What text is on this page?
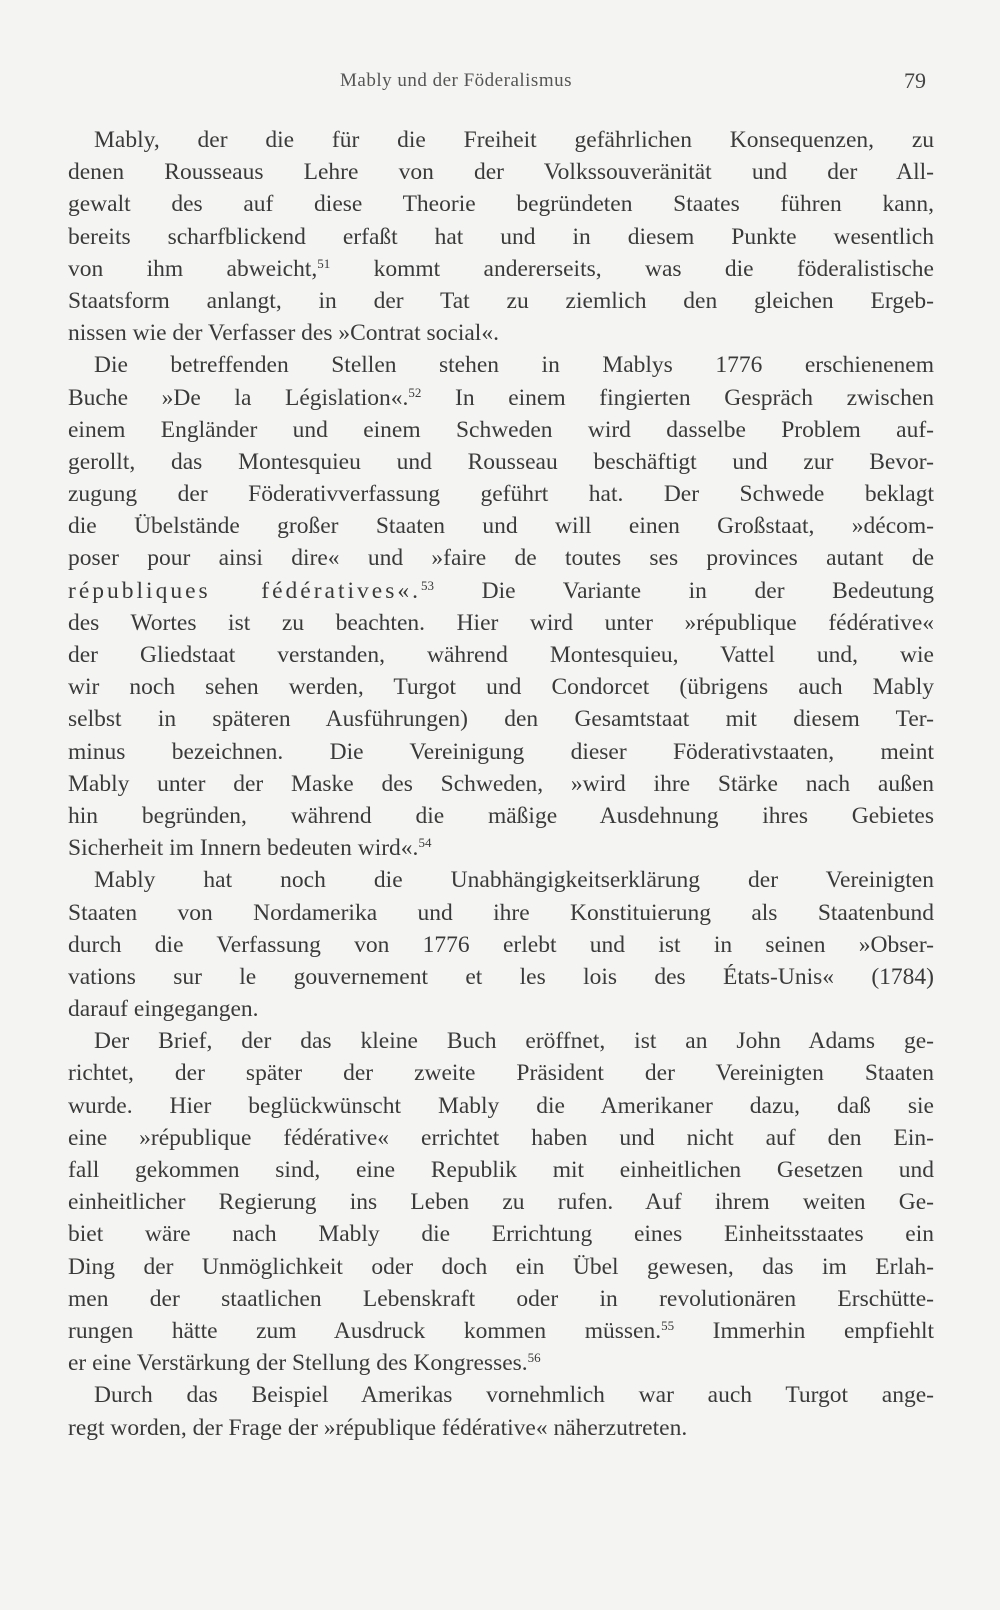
Mably und der Föderalismus	79
Mably, der die für die Freiheit gefährlichen Konsequenzen, zu
denen Rousseaus Lehre von der Volkssouveränität und der All-
gewalt des auf diese Theorie begründeten Staates führen kann,
bereits scharfblickend erfaßt hat und in diesem Punkte wesentlich
von ihm abweicht,$^{51}$ kommt andererseits, was die föderalistische
Staatsform anlangt, in der Tat zu ziemlich den gleichen Ergeb-
nissen wie der Verfasser des »Contrat social«.
Die betreffenden Stellen stehen in Mablys 1776 erschienenem
Buche »De la Législation«.$^{52}$ In einem fingierten Gespräch zwischen
einem Engländer und einem Schweden wird dasselbe Problem auf-
gerollt, das Montesquieu und Rousseau beschäftigt und zur Bevor-
zugung der Föderativverfassung geführt hat. Der Schwede beklagt
die Übelstände großer Staaten und will einen Großstaat, »décom-
poser pour ainsi dire« und »faire de toutes ses provinces autant de
républiques fédératives«.$^{53}$ Die Variante in der Bedeutung
des Wortes ist zu beachten. Hier wird unter »république fédérative«
der Gliedstaat verstanden, während Montesquieu, Vattel und, wie
wir noch sehen werden, Turgot und Condorcet (übrigens auch Mably
selbst in späteren Ausführungen) den Gesamtstaat mit diesem Ter-
minus bezeichnen. Die Vereinigung dieser Föderativstaaten, meint
Mably unter der Maske des Schweden, »wird ihre Stärke nach außen
hin begründen, während die mäßige Ausdehnung ihres Gebietes
Sicherheit im Innern bedeuten wird«.$^{54}$
Mably hat noch die Unabhängigkeitserklärung der Vereinigten
Staaten von Nordamerika und ihre Konstituierung als Staatenbund
durch die Verfassung von 1776 erlebt und ist in seinen »Obser-
vations sur le gouvernement et les lois des États-Unis« (1784)
darauf eingegangen.
Der Brief, der das kleine Buch eröffnet, ist an John Adams ge-
richtet, der später der zweite Präsident der Vereinigten Staaten
wurde. Hier beglückwünscht Mably die Amerikaner dazu, daß sie
eine »république fédérative« errichtet haben und nicht auf den Ein-
fall gekommen sind, eine Republik mit einheitlichen Gesetzen und
einheitlicher Regierung ins Leben zu rufen. Auf ihrem weiten Ge-
biet wäre nach Mably die Errichtung eines Einheitsstaates ein
Ding der Unmöglichkeit oder doch ein Übel gewesen, das im Erlah-
men der staatlichen Lebenskraft oder in revolutionären Erschütte-
rungen hätte zum Ausdruck kommen müssen.$^{55}$ Immerhin empfiehlt
er eine Verstärkung der Stellung des Kongresses.$^{56}$
Durch das Beispiel Amerikas vornehmlich war auch Turgot ange-
regt worden, der Frage der »république fédérative« näherzutreten.
